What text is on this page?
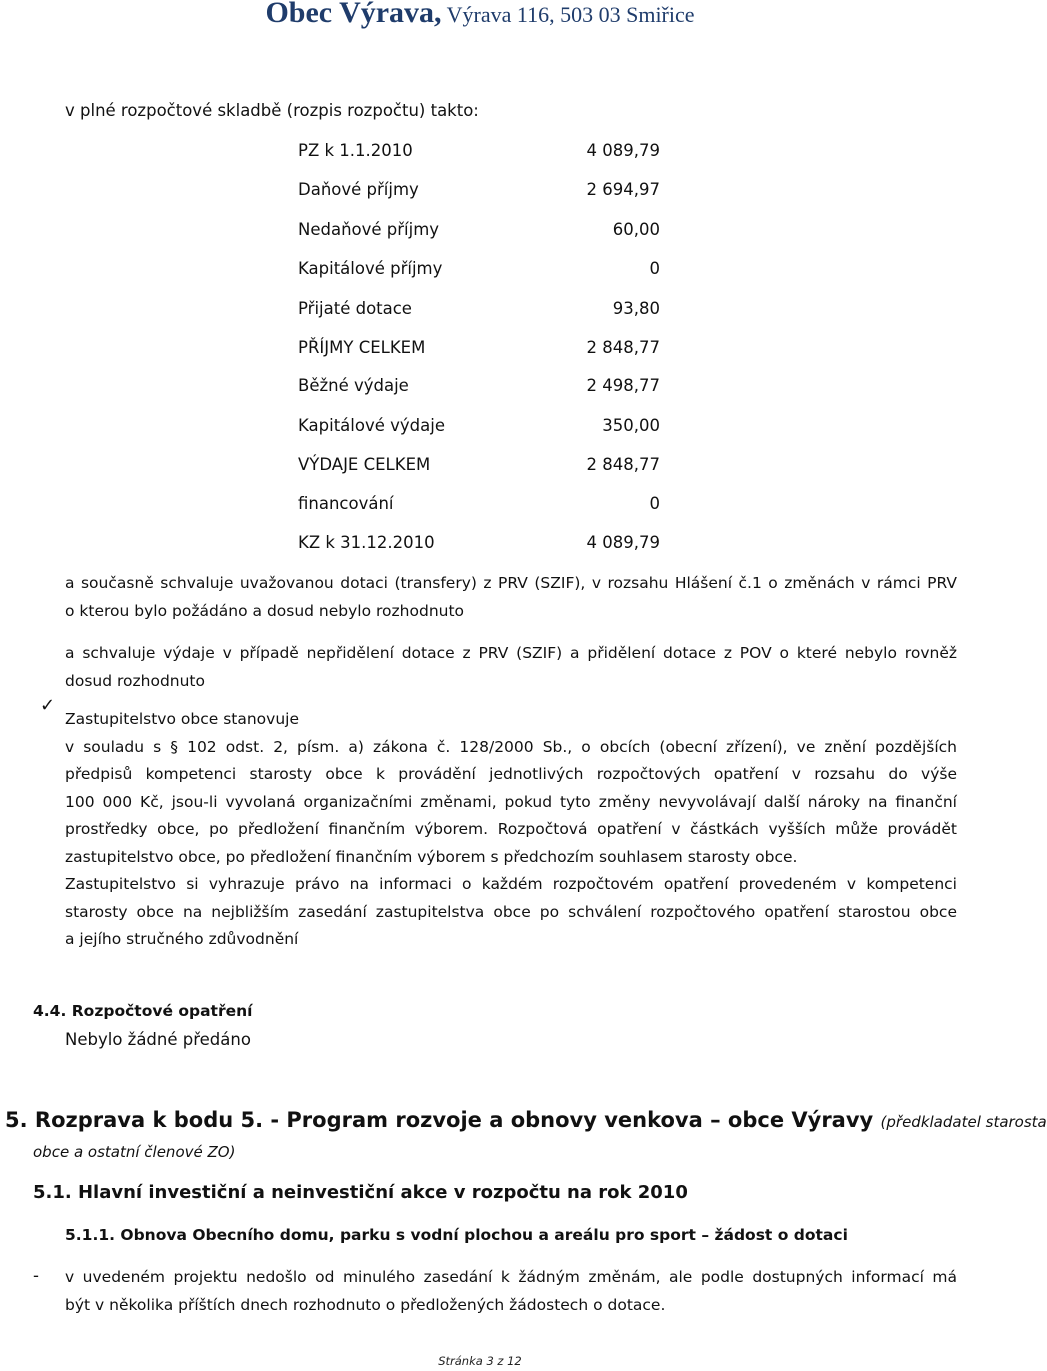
Obec Výrava, Výrava 116, 503 03 Smiřice
v plné rozpočtové skladbě (rozpis rozpočtu) takto:
PZ k 1.1.2010	4 089,79
Daňové příjmy	2 694,97
Nedaňové příjmy	60,00
Kapitálové příjmy	0
Přijaté dotace	93,80
PŘÍJMY CELKEM	2 848,77
Běžné výdaje	2 498,77
Kapitálové výdaje	350,00
VÝDAJE CELKEM	2 848,77
financování	0
KZ k 31.12.2010	4 089,79
a současně schvaluje uvažovanou dotaci (transfery) z PRV (SZIF), v rozsahu Hlášení č.1 o změnách v rámci PRV
o kterou bylo požádáno a dosud nebylo rozhodnuto
a schvaluje výdaje v případě nepřidělení dotace z PRV (SZIF) a přidělení dotace z POV o které nebylo rovněž
dosud rozhodnuto
✓
Zastupitelstvo obce stanovuje
v souladu s § 102 odst. 2, písm. a) zákona č. 128/2000 Sb., o obcích (obecní zřízení), ve znění pozdějších
předpisů kompetenci starosty obce k provádění jednotlivých rozpočtových opatření v rozsahu do výše
100 000 Kč, jsou-li vyvolaná organizačními změnami, pokud tyto změny nevyvolávají další nároky na finanční
prostředky obce, po předložení finančním výborem. Rozpočtová opatření v částkách vyšších může provádět
zastupitelstvo obce, po předložení finančním výborem s předchozím souhlasem starosty obce.
Zastupitelstvo si vyhrazuje právo na informaci o každém rozpočtovém opatření provedeném v kompetenci
starosty obce na nejbližším zasedání zastupitelstva obce po schválení rozpočtového opatření starostou obce
a jejího stručného zdůvodnění
4.4. Rozpočtové opatření
Nebylo žádné předáno
5. Rozprava k bodu 5. - Program rozvoje a obnovy venkova – obce Výravy (předkladatel starosta
obce a ostatní členové ZO)
5.1. Hlavní investiční a neinvestiční akce v rozpočtu na rok 2010
5.1.1. Obnova Obecního domu, parku s vodní plochou a areálu pro sport – žádost o dotaci
- v uvedeném projektu nedošlo od minulého zasedání k žádným změnám, ale podle dostupných informací má
být v několika příštích dnech rozhodnuto o předložených žádostech o dotace.
Stránka 3 z 12
